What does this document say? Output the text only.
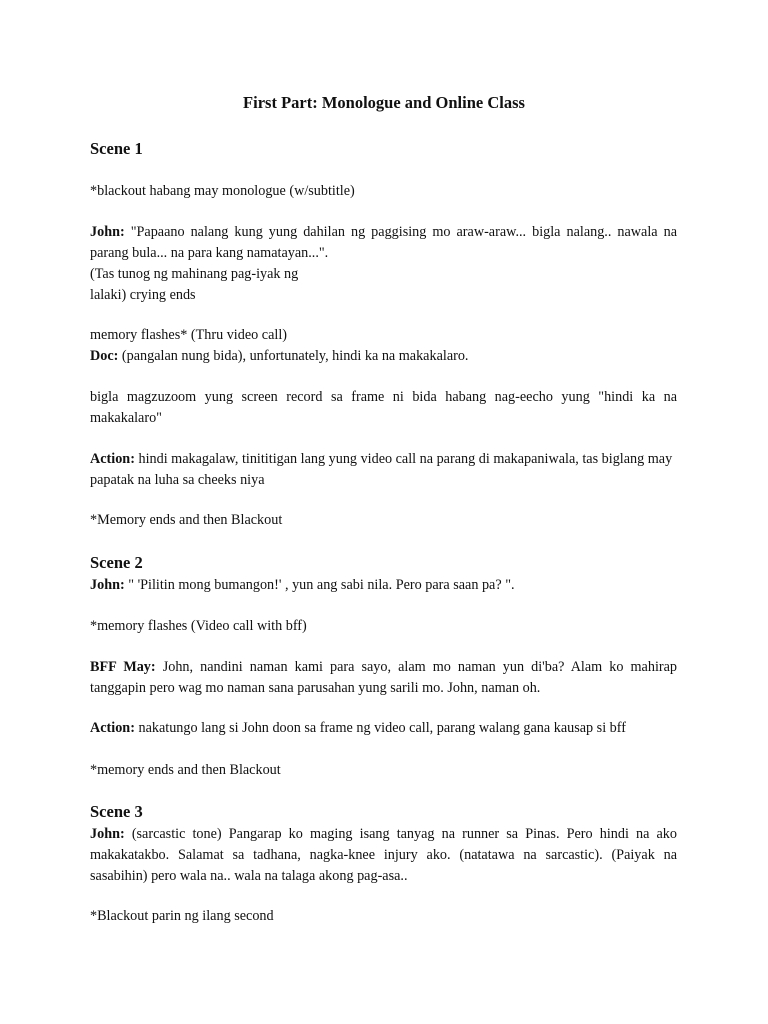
First Part: Monologue and Online Class
Scene 1
*blackout habang may monologue (w/subtitle)
John: "Papaano nalang kung yung dahilan ng paggising mo araw-araw... bigla nalang.. nawala na parang bula... na para kang namatayan...".
(Tas tunog ng mahinang pag-iyak ng
lalaki) crying ends
memory flashes* (Thru video call)
Doc: (pangalan nung bida), unfortunately, hindi ka na makakalaro.
bigla magzuzoom yung screen record sa frame ni bida habang nag-eecho yung "hindi ka na makakalaro"
Action: hindi makagalaw, tinititigan lang yung video call na parang di makapaniwala, tas biglang may papatak na luha sa cheeks niya
*Memory ends and then Blackout
Scene 2
John: " 'Pilitin mong bumangon!' , yun ang sabi nila. Pero para saan pa? ".
*memory flashes (Video call with bff)
BFF May: John, nandini naman kami para sayo, alam mo naman yun di'ba? Alam ko mahirap tanggapin pero wag mo naman sana parusahan yung sarili mo. John, naman oh.
Action: nakatungo lang si John doon sa frame ng video call, parang walang gana kausap si bff
*memory ends and then Blackout
Scene 3
John: (sarcastic tone) Pangarap ko maging isang tanyag na runner sa Pinas. Pero hindi na ako makakatakbo. Salamat sa tadhana, nagka-knee injury ako. (natatawa na sarcastic). (Paiyak na sasabihin) pero wala na.. wala na talaga akong pag-asa..
*Blackout parin ng ilang second
